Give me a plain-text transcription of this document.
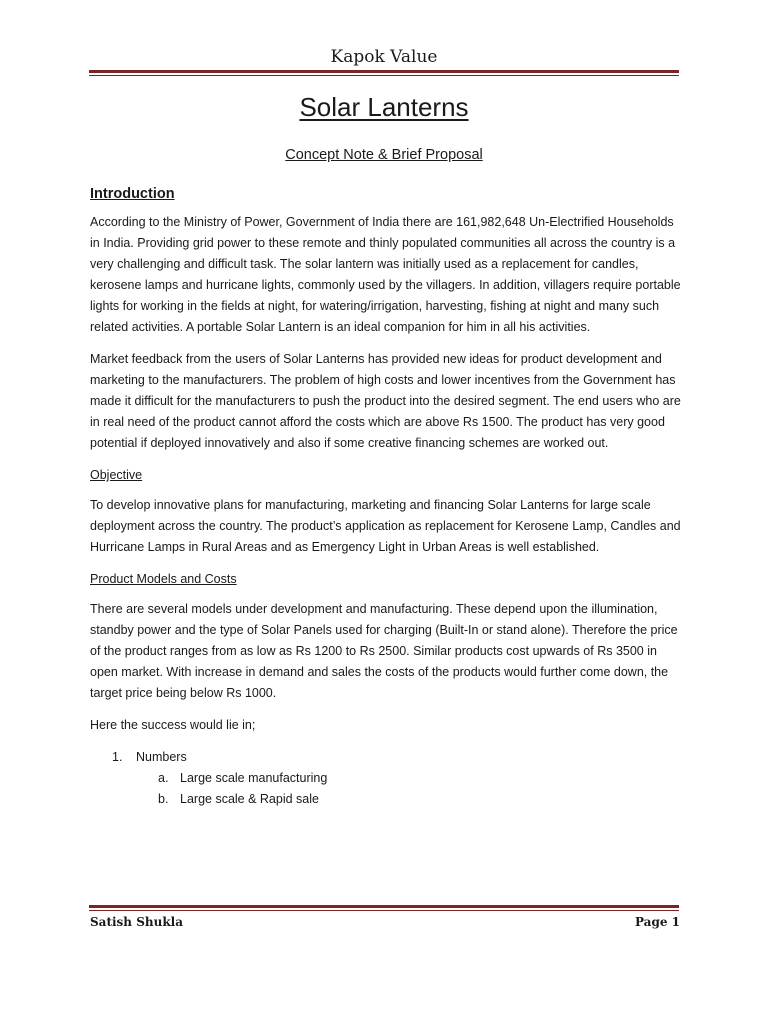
Kapok Value
Solar Lanterns
Concept Note & Brief Proposal
Introduction

According to the Ministry of Power, Government of India there are 161,982,648 Un-Electrified Households in India. Providing grid power to these remote and thinly populated communities all across the country is a very challenging and difficult task. The solar lantern was initially used as a replacement for candles, kerosene lamps and hurricane lights, commonly used by the villagers. In addition, villagers require portable lights for working in the fields at night, for watering/irrigation, harvesting, fishing at night and many such related activities. A portable Solar Lantern is an ideal companion for him in all his activities.

Market feedback from the users of Solar Lanterns has provided new ideas for product development and marketing to the manufacturers. The problem of high costs and lower incentives from the Government has made it difficult for the manufacturers to push the product into the desired segment. The end users who are in real need of the product cannot afford the costs which are above Rs 1500. The product has very good potential if deployed innovatively and also if some creative financing schemes are worked out.

Objective

To develop innovative plans for manufacturing, marketing and financing Solar Lanterns for large scale deployment across the country. The product’s application as replacement for Kerosene Lamp, Candles and Hurricane Lamps in Rural Areas and as Emergency Light in Urban Areas is well established.

Product Models and Costs

There are several models under development and manufacturing. These depend upon the illumination, standby power and the type of Solar Panels used for charging (Built-In or stand alone). Therefore the price of the product ranges from as low as Rs 1200 to Rs 2500. Similar products cost upwards of Rs 3500 in open market. With increase in demand and sales the costs of the products would further come down, the target price being below Rs 1000.

Here the success would lie in;

1. Numbers
a. Large scale manufacturing
b. Large scale & Rapid sale
Satish Shukla	Page 1
